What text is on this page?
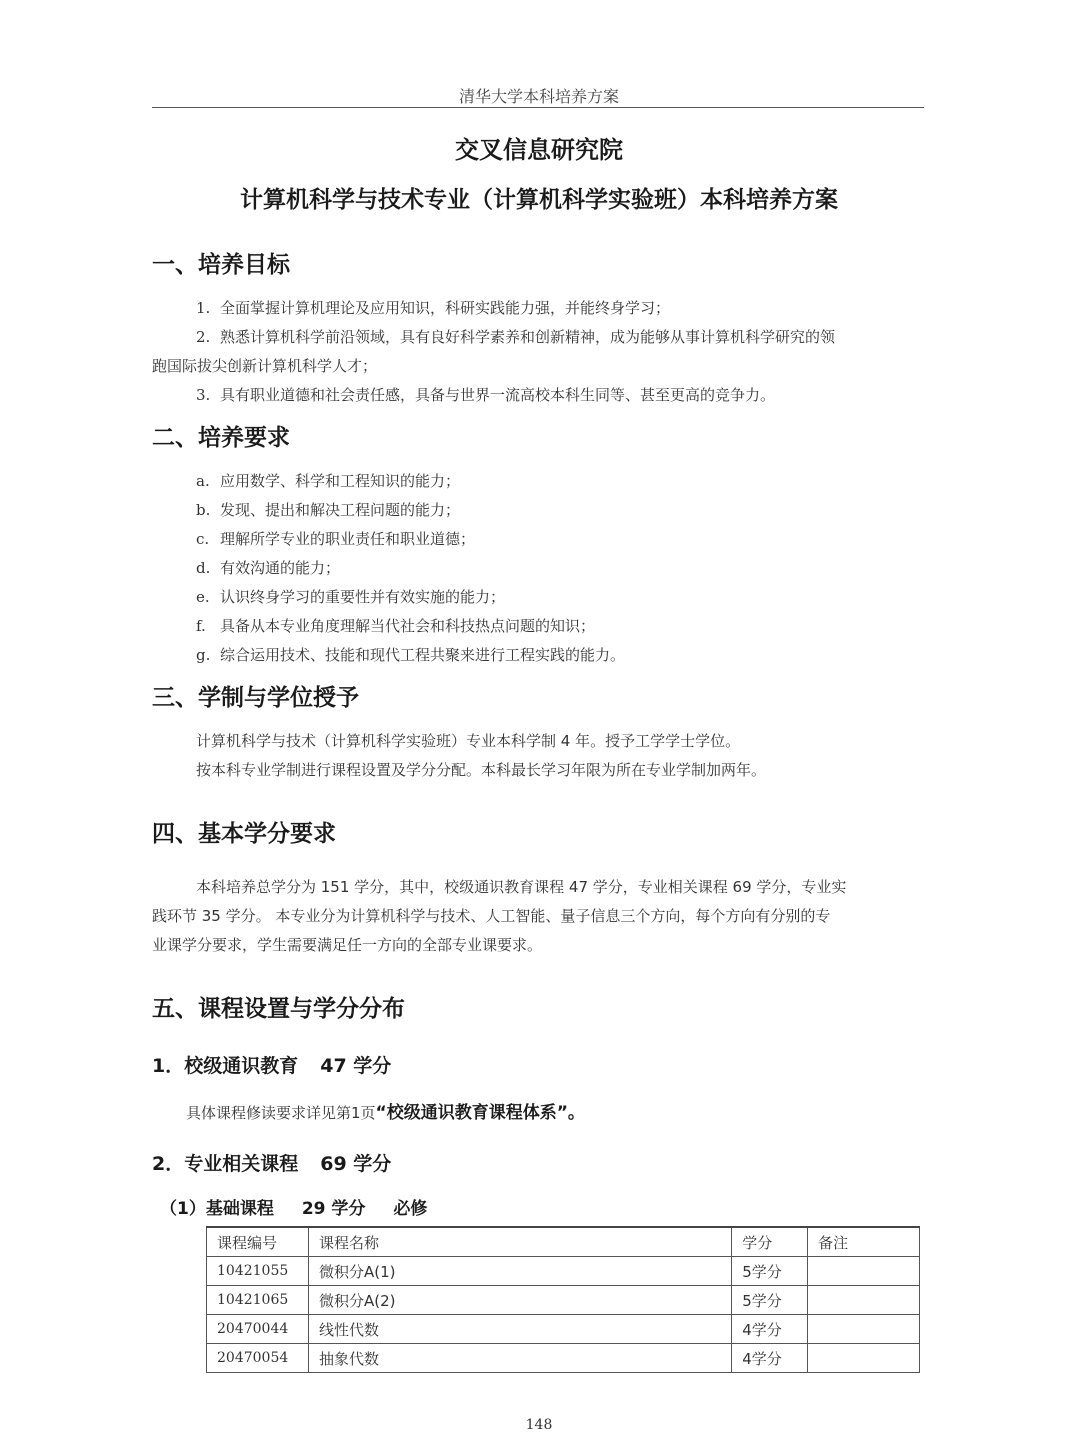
清华大学本科培养方案
交叉信息研究院
计算机科学与技术专业（计算机科学实验班）本科培养方案
一、培养目标
1. 全面掌握计算机理论及应用知识，科研实践能力强，并能终身学习；
2. 熟悉计算机科学前沿领域，具有良好科学素养和创新精神，成为能够从事计算机科学研究的领
跑国际拔尖创新计算机科学人才；
3. 具有职业道德和社会责任感，具备与世界一流高校本科生同等、甚至更高的竞争力。
二、培养要求
a. 应用数学、科学和工程知识的能力；
b. 发现、提出和解决工程问题的能力；
c. 理解所学专业的职业责任和职业道德；
d. 有效沟通的能力；
e. 认识终身学习的重要性并有效实施的能力；
f. 具备从本专业角度理解当代社会和科技热点问题的知识；
g. 综合运用技术、技能和现代工程共聚来进行工程实践的能力。
三、学制与学位授予
计算机科学与技术（计算机科学实验班）专业本科学制 4 年。授予工学学士学位。
按本科专业学制进行课程设置及学分分配。本科最长学习年限为所在专业学制加两年。
四、基本学分要求
本科培养总学分为 151 学分，其中，校级通识教育课程 47 学分，专业相关课程 69 学分，专业实
践环节 35 学分。 本专业分为计算机科学与技术、人工智能、量子信息三个方向，每个方向有分别的专
业课学分要求，学生需要满足任一方向的全部专业课要求。
五、课程设置与学分分布
1．校级通识教育 47 学分
具体课程修读要求详见第1页“校级通识教育课程体系”。
2．专业相关课程 69 学分
（1）基础课程 29 学分 必修
课程编号	课程名称	学分	备注
10421055	微积分A(1)	5学分	
10421065	微积分A(2)	5学分	
20470044	线性代数	4学分	
20470054	抽象代数	4学分	
148
